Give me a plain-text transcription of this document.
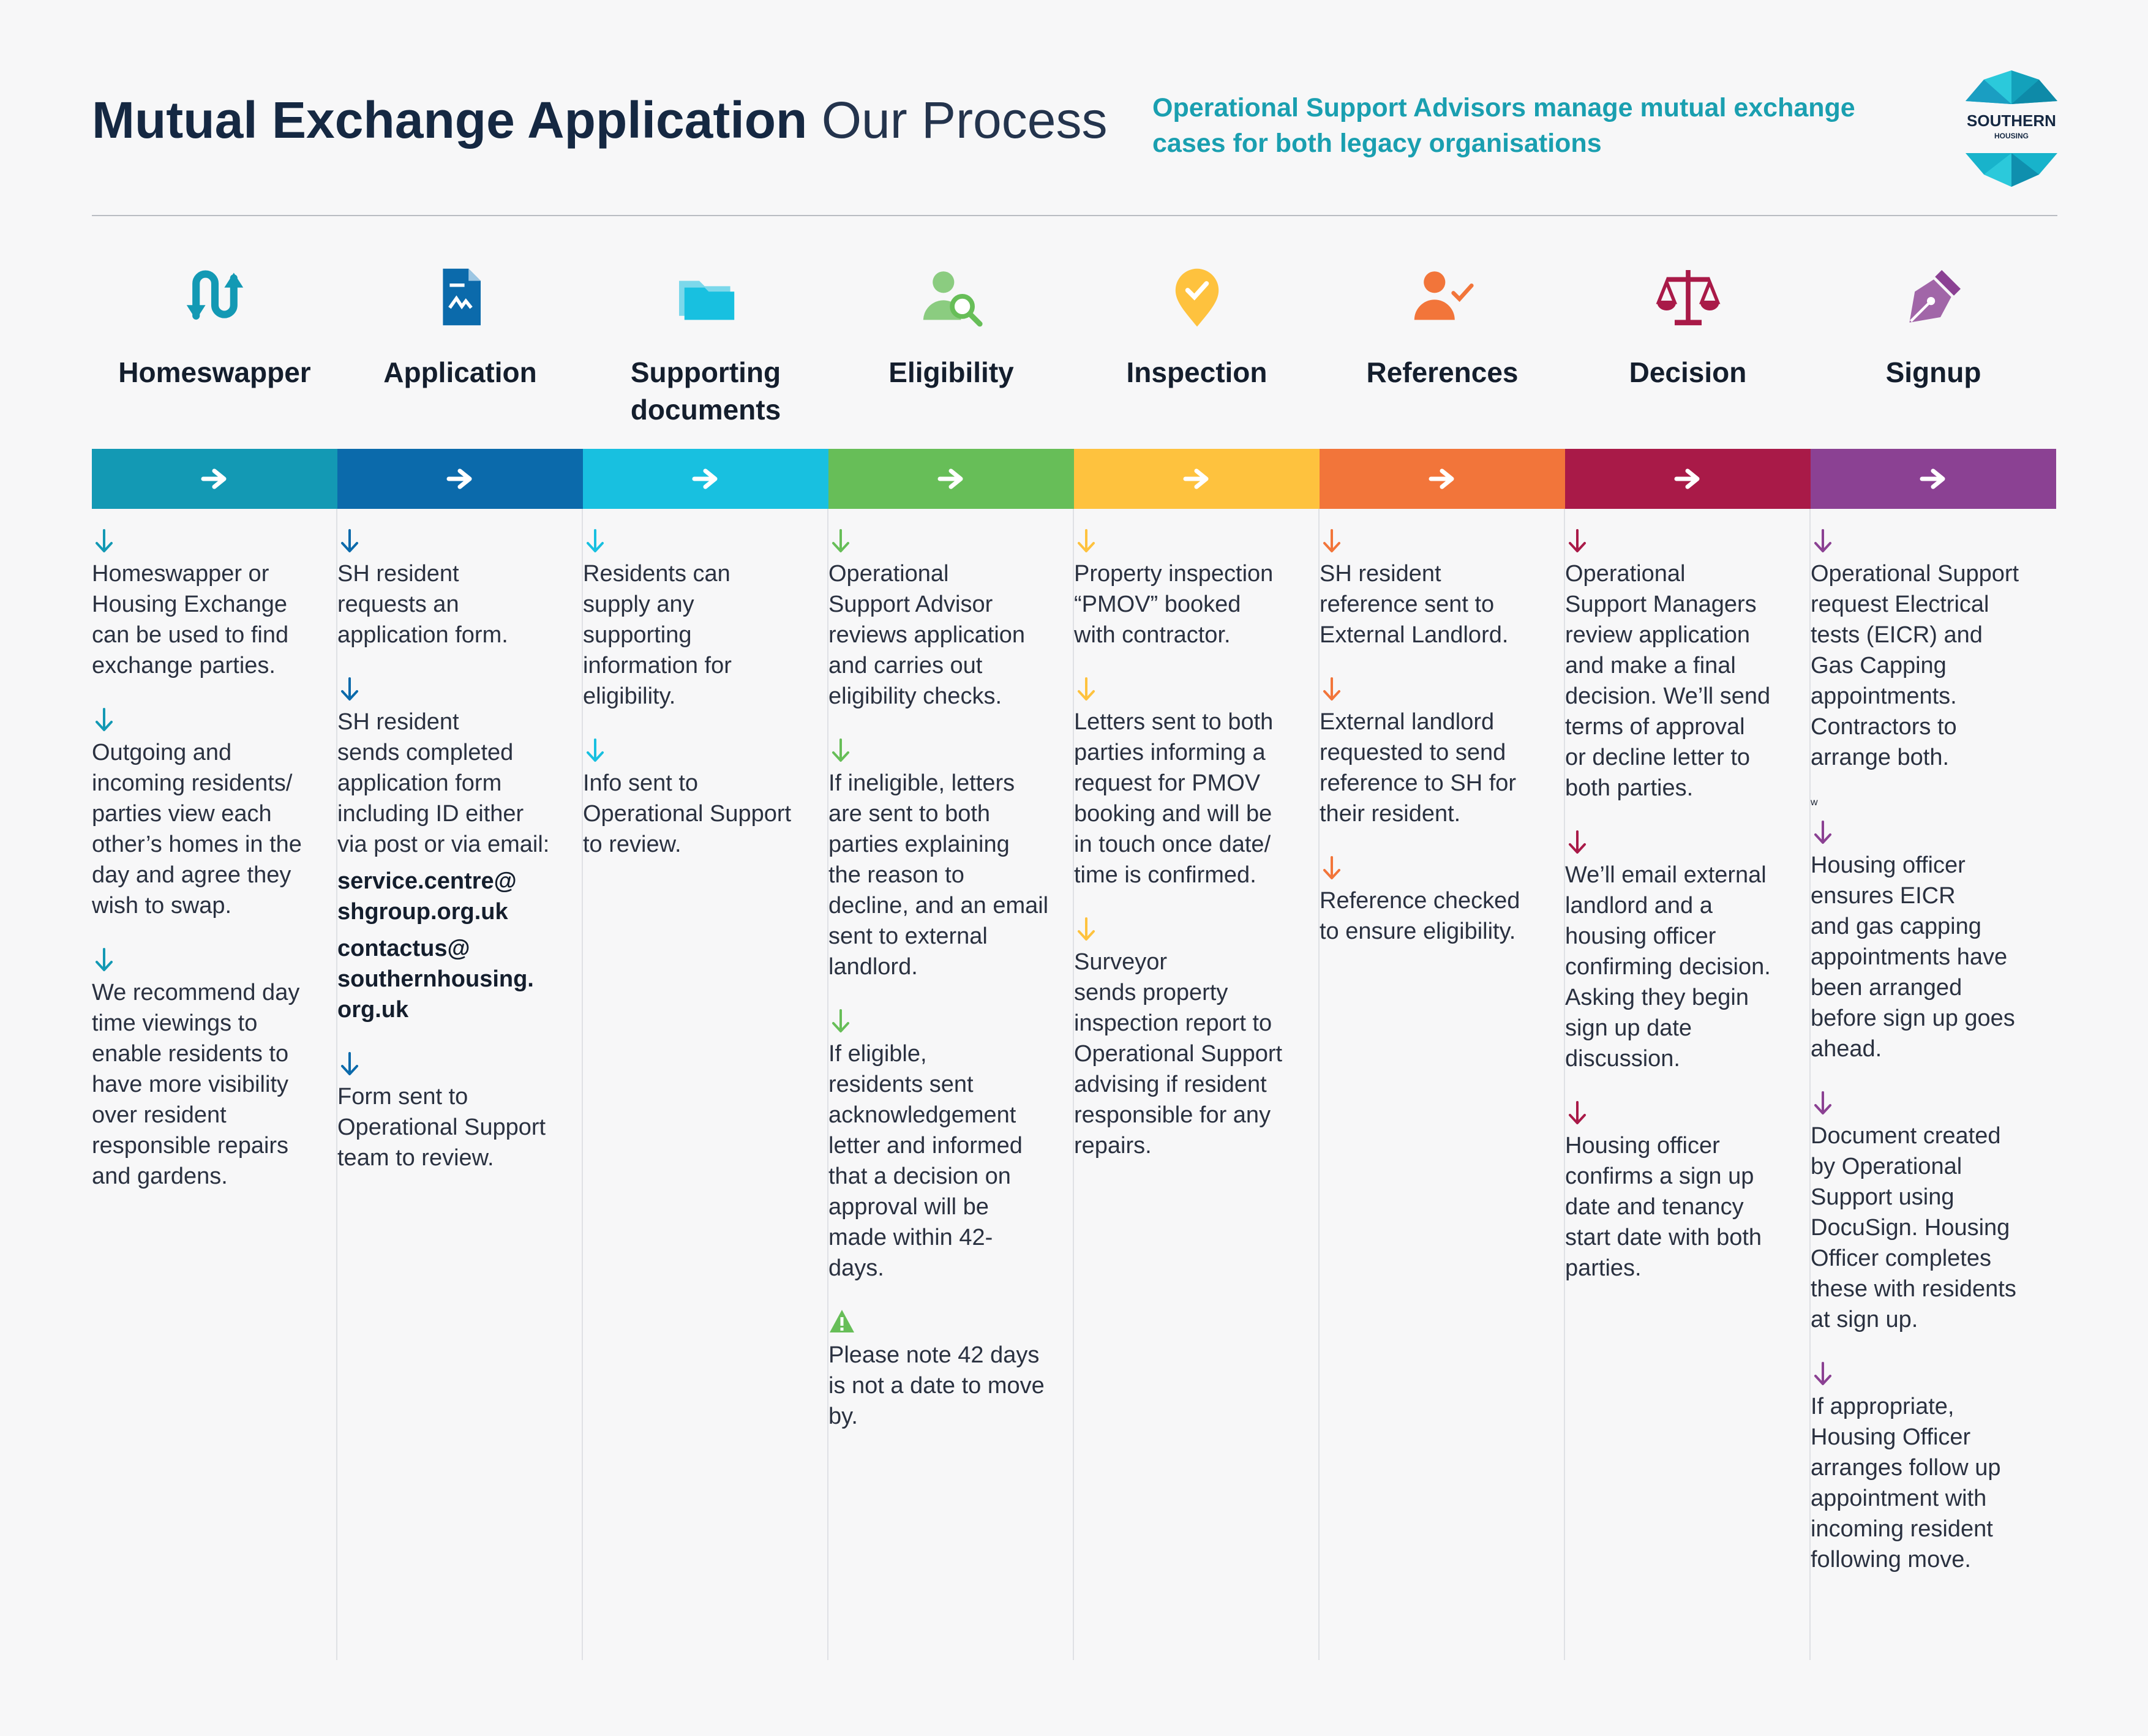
Mutual Exchange Application Our Process Operational Support Advisors manage mutual exchange cases for both legacy organisations
SOUTHERN
HOUSING
Homeswapper

Homeswapper or
Housing Exchange
can be used to find
exchange parties.

Outgoing and
incoming residents/
parties view each
other’s homes in the
day and agree they
wish to swap.

We recommend day
time viewings to
enable residents to
have more visibility
over resident
responsible repairs
and gardens.

Application

SH resident
requests an
application form.

SH resident
sends completed
application form
including ID either
via post or via email:

service.centre@
shgroup.org.uk

contactus@
southernhousing.
org.uk

Form sent to
Operational Support
team to review.

Supporting
documents

Residents can
supply any
supporting
information for
eligibility.

Info sent to
Operational Support
to review.

Eligibility

Operational
Support Advisor
reviews application
and carries out
eligibility checks.

If ineligible, letters
are sent to both
parties explaining
the reason to
decline, and an email
sent to external
landlord.

If eligible,
residents sent
acknowledgement
letter and informed
that a decision on
approval will be
made within 42-
days.

Please note 42 days
is not a date to move
by.

Inspection

Property inspection
“PMOV” booked
with contractor.

Letters sent to both
parties informing a
request for PMOV
booking and will be
in touch once date/
time is confirmed.

Surveyor
sends property
inspection report to
Operational Support
advising if resident
responsible for any
repairs.

References

SH resident
reference sent to
External Landlord.

External landlord
requested to send
reference to SH for
their resident.

Reference checked
to ensure eligibility.

Decision

Operational
Support Managers
review application
and make a final
decision. We’ll send
terms of approval
or decline letter to
both parties.

We’ll email external
landlord and a
housing officer
confirming decision.
Asking they begin
sign up date
discussion.

Housing officer
confirms a sign up
date and tenancy
start date with both
parties.

Signup

Operational Support
request Electrical
tests (EICR) and
Gas Capping
appointments.
Contractors to
arrange both.

w

Housing officer
ensures EICR
and gas capping
appointments have
been arranged
before sign up goes
ahead.

Document created
by Operational
Support using
DocuSign. Housing
Officer completes
these with residents
at sign up.

If appropriate,
Housing Officer
arranges follow up
appointment with
incoming resident
following move.
